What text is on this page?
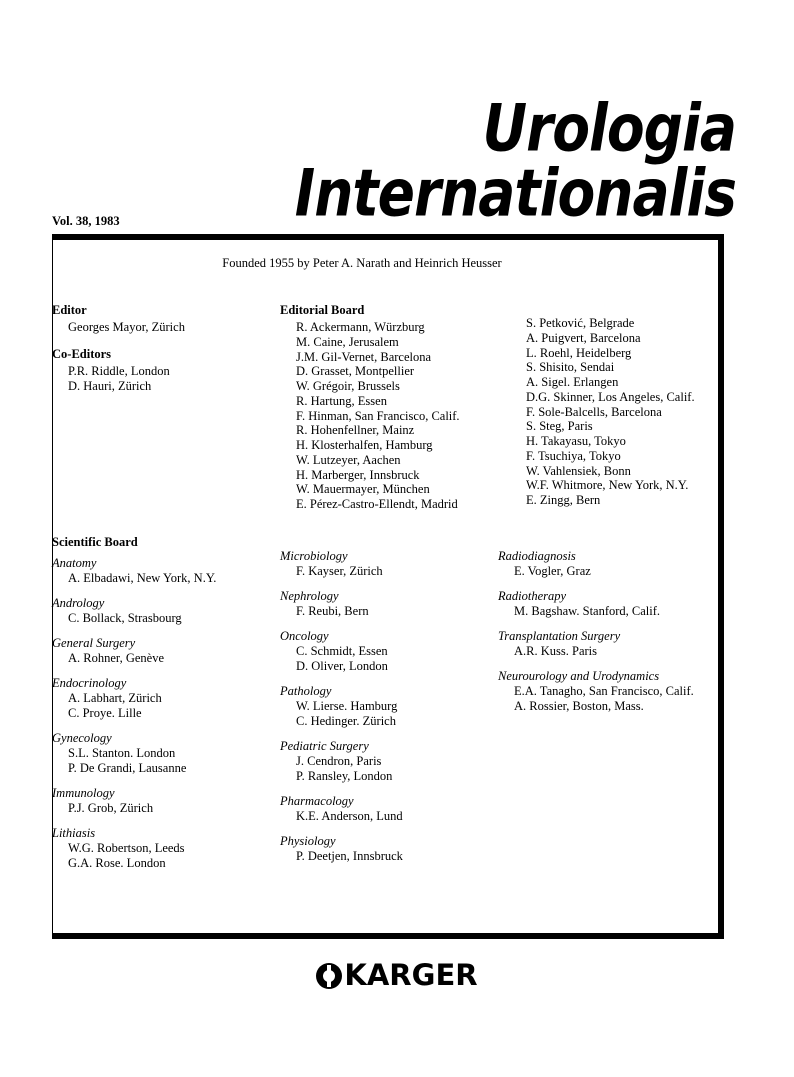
Urologia
Internationalis
Vol. 38, 1983
Founded 1955 by Peter A. Narath and Heinrich Heusser
Editor
Georges Mayor, Zürich
Co-Editors
P.R. Riddle, London
D. Hauri, Zürich
Editorial Board
R. Ackermann, Würzburg
M. Caine, Jerusalem
J.M. Gil-Vernet, Barcelona
D. Grasset, Montpellier
W. Grégoir, Brussels
R. Hartung, Essen
F. Hinman, San Francisco, Calif.
R. Hohenfellner, Mainz
H. Klosterhalfen, Hamburg
W. Lutzeyer, Aachen
H. Marberger, Innsbruck
W. Mauermayer, München
E. Pérez-Castro-Ellendt, Madrid
S. Petković, Belgrade
A. Puigvert, Barcelona
L. Roehl, Heidelberg
S. Shisito, Sendai
A. Sigel. Erlangen
D.G. Skinner, Los Angeles, Calif.
F. Sole-Balcells, Barcelona
S. Steg, Paris
H. Takayasu, Tokyo
F. Tsuchiya, Tokyo
W. Vahlensiek, Bonn
W.F. Whitmore, New York, N.Y.
E. Zingg, Bern
Scientific Board
Anatomy
A. Elbadawi, New York, N.Y.
Andrology
C. Bollack, Strasbourg
General Surgery
A. Rohner, Genève
Endocrinology
A. Labhart, Zürich
C. Proye. Lille
Gynecology
S.L. Stanton. London
P. De Grandi, Lausanne
Immunology
P.J. Grob, Zürich
Lithiasis
W.G. Robertson, Leeds
G.A. Rose. London
Microbiology
F. Kayser, Zürich
Nephrology
F. Reubi, Bern
Oncology
C. Schmidt, Essen
D. Oliver, London
Pathology
W. Lierse. Hamburg
C. Hedinger. Zürich
Pediatric Surgery
J. Cendron, Paris
P. Ransley, London
Pharmacology
K.E. Anderson, Lund
Physiology
P. Deetjen, Innsbruck
Radiodiagnosis
E. Vogler, Graz
Radiotherapy
M. Bagshaw. Stanford, Calif.
Transplantation Surgery
A.R. Kuss. Paris
Neurourology and Urodynamics
E.A. Tanagho, San Francisco, Calif.
A. Rossier, Boston, Mass.
KARGER
